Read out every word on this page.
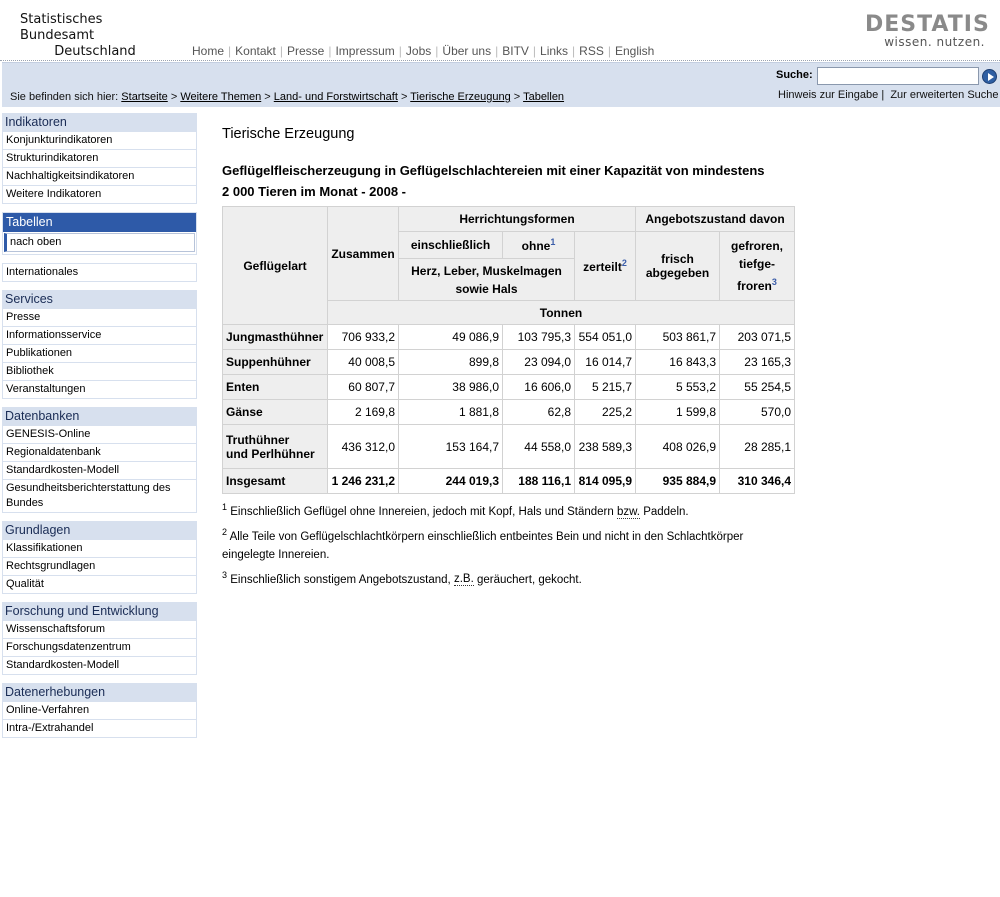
Statistisches Bundesamt
Deutschland
DESTATIS
wissen. nutzen.
Home | Kontakt | Presse | Impressum | Jobs | Über uns | BITV | Links | RSS | English
Sie befinden sich hier: Startseite > Weitere Themen > Land- und Forstwirtschaft > Tierische Erzeugung > Tabellen
Suche:
Hinweis zur Eingabe |  Zur erweiterten Suche
Indikatoren
Konjunkturindikatoren
Strukturindikatoren
Nachhaltigkeitsindikatoren
Weitere Indikatoren
Tabellen
nach oben
Internationales
Services
Presse
Informationsservice
Publikationen
Bibliothek
Veranstaltungen
Datenbanken
GENESIS-Online
Regionaldatenbank
Standardkosten-Modell
Gesundheitsberichterstattung des Bundes
Grundlagen
Klassifikationen
Rechtsgrundlagen
Qualität
Forschung und Entwicklung
Wissenschaftsforum
Forschungsdatenzentrum
Standardkosten-Modell
Datenerhebungen
Online-Verfahren
Intra-/Extrahandel
Tierische Erzeugung
Geflügelfleischerzeugung in Geflügelschlachtereien mit einer Kapazität von mindestens
2 000 Tieren im Monat - 2008 -
Geflügelart	Zusammen	Herrichtungsformen			Angebotszustand davon	
		einschließlich	ohne$^1$	zerteilt$^2$	frisch abgegeben	gefroren, tiefge- froren$^3$
		Herz, Leber, Muskelmagen sowie Hals				
	Tonnen					
Jungmasthühner	706 933,2	49 086,9	103 795,3	554 051,0	503 861,7	203 071,5
Suppenhühner	40 008,5	899,8	23 094,0	16 014,7	16 843,3	23 165,3
Enten	60 807,7	38 986,0	16 606,0	5 215,7	5 553,2	55 254,5
Gänse	2 169,8	1 881,8	62,8	225,2	1 599,8	570,0
Truthühner
und Perlhühner	436 312,0	153 164,7	44 558,0	238 589,3	408 026,9	28 285,1
Insgesamt	1 246 231,2	244 019,3	188 116,1	814 095,9	935 884,9	310 346,4
$^1$ Einschließlich Geflügel ohne Innereien, jedoch mit Kopf, Hals und Ständern bzw. Paddeln.
$^2$ Alle Teile von Geflügelschlachtkörpern einschließlich entbeintes Bein und nicht in den Schlachtkörper eingelegte Innereien.
$^3$ Einschließlich sonstigem Angebotszustand, z.B. geräuchert, gekocht.
